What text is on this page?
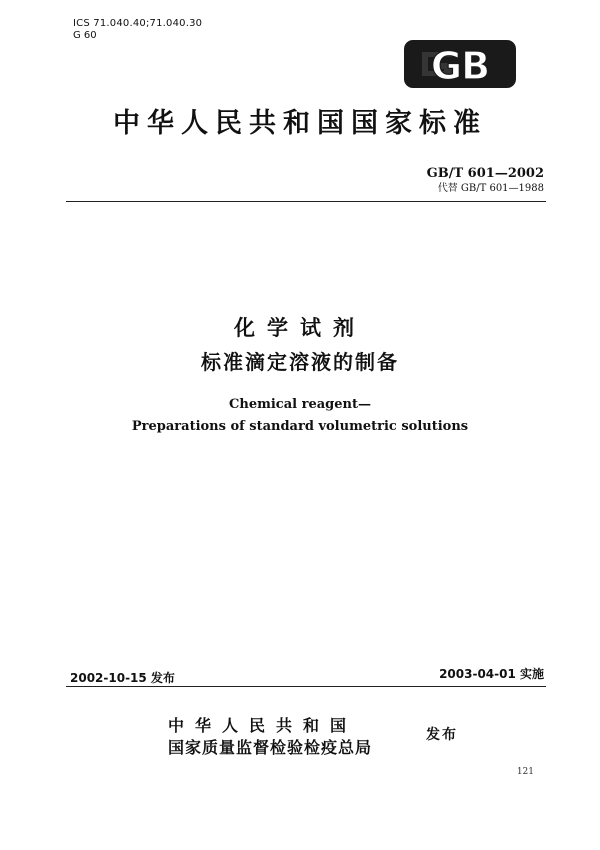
ICS 71.040.40;71.040.30
G 60
GB
中华人民共和国国家标准
GB/T 601—2002
代替 GB/T 601—1988
化学试剂
标准滴定溶液的制备
Chemical reagent—
Preparations of standard volumetric solutions
2002-10-15 发布	2003-04-01 实施
中华人民共和国
国家质量监督检验检疫总局
发布
121
